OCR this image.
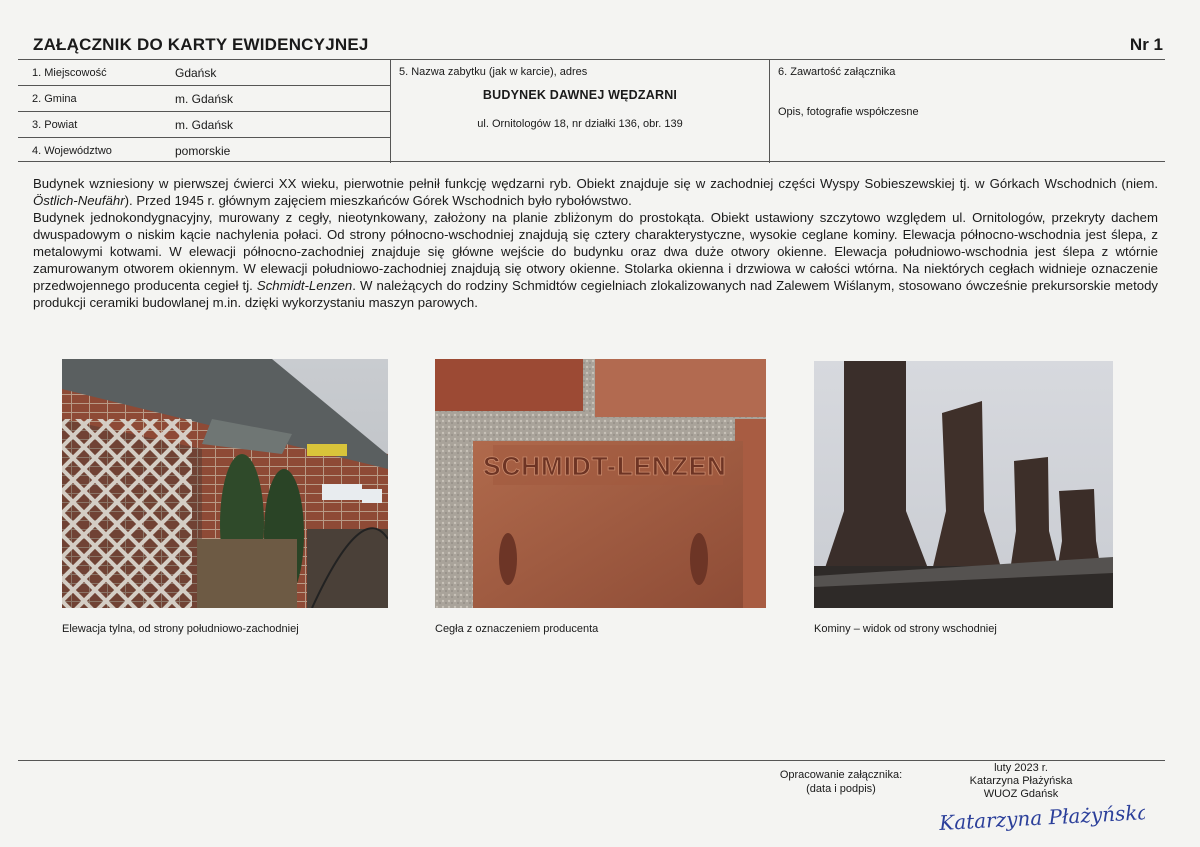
ZAŁĄCZNIK DO KARTY EWIDENCYJNEJ	Nr 1
1. Miejscowość	Gdańsk
2. Gmina	m. Gdańsk
3. Powiat	m. Gdańsk
4. Województwo	pomorskie

5. Nazwa zabytku (jak w karcie), adres
BUDYNEK DAWNEJ WĘDZARNI
ul. Ornitologów 18, nr działki 136, obr. 139

6. Zawartość załącznika
Opis, fotografie współczesne

Budynek wzniesiony w pierwszej ćwierci XX wieku, pierwotnie pełnił funkcję wędzarni ryb. Obiekt znajduje się w zachodniej części Wyspy Sobieszewskiej tj. w Górkach Wschodnich (niem. Östlich-Neufähr). Przed 1945 r. głównym zajęciem mieszkańców Górek Wschodnich było rybołówstwo.

Budynek jednokondygnacyjny, murowany z cegły, nieotynkowany, założony na planie zbliżonym do prostokąta. Obiekt ustawiony szczytowo względem ul. Ornitologów, przekryty dachem dwuspadowym o niskim kącie nachylenia połaci. Od strony północno-wschodniej znajdują się cztery charakterystyczne, wysokie ceglane kominy. Elewacja północno-wschodnia jest ślepa, z metalowymi kotwami. W elewacji północno-zachodniej znajduje się główne wejście do budynku oraz dwa duże otwory okienne. Elewacja południowo-wschodnia jest ślepa z wtórnie zamurowanym otworem okiennym. W elewacji południowo-zachodniej znajdują się otwory okienne. Stolarka okienna i drzwiowa w całości wtórna. Na niektórych cegłach widnieje oznaczenie przedwojennego producenta cegieł tj. Schmidt-Lenzen. W należących do rodziny Schmidtów cegielniach zlokalizowanych nad Zalewem Wiślanym, stosowano ówcześnie prekursorskie metody produkcji ceramiki budowlanej m.in. dzięki wykorzystaniu maszyn parowych.

Elewacja tylna, od strony południowo-zachodniej
SCHMIDT-LENZEN
Cegła z oznaczeniem producenta	Kominy – widok od strony wschodniej
Opracowanie załącznika:
(data i podpis)
luty 2023 r.
Katarzyna Płażyńska
WUOZ Gdańsk
Katarzyna Płażyńska
